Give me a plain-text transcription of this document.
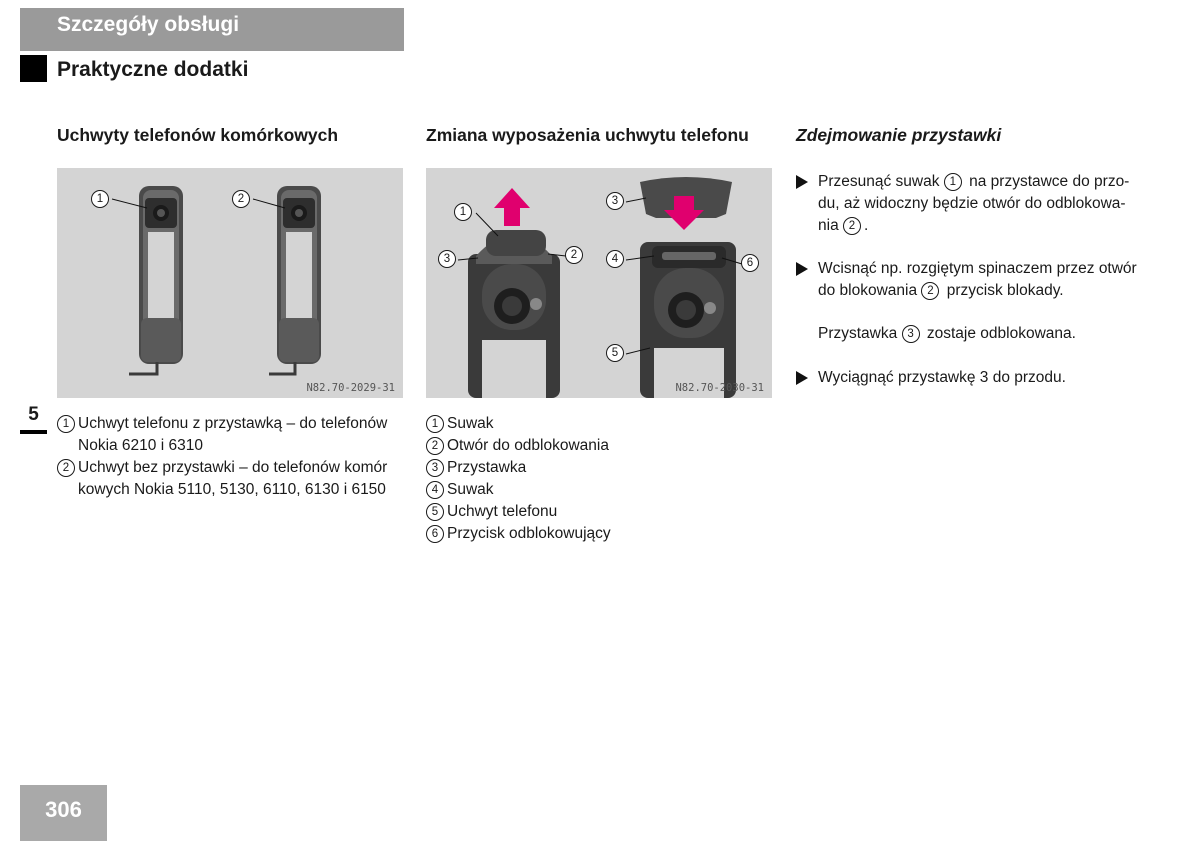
Szczegóły obsługi
Praktyczne dodatki
5
Uchwyty telefonów komórkowych
1	2
N82.70-2029-31
1 Uchwyt telefonu z przystawką – do telefonów Nokia 6210 i 6310
2 Uchwyt bez przystawki – do telefonów komór kowych Nokia 5110, 5130, 6110, 6130 i 6150
Zmiana wyposażenia uchwytu telefonu
1
2
3
3
4	6
5
N82.70-2030-31
1 Suwak
2 Otwór do odblokowania
3 Przystawka
4 Suwak
5 Uchwyt telefonu
6 Przycisk odblokowujący
Zdejmowanie przystawki
Przesunąć suwak 1 na przystawce do przo-du, aż widoczny będzie otwór do odblokowa-nia 2 .
Wcisnąć np. rozgiętym spinaczem przez otwór do blokowania 2 przycisk blokady.
Przystawka 3 zostaje odblokowana.
Wyciągnąć przystawkę 3 do przodu.
306
